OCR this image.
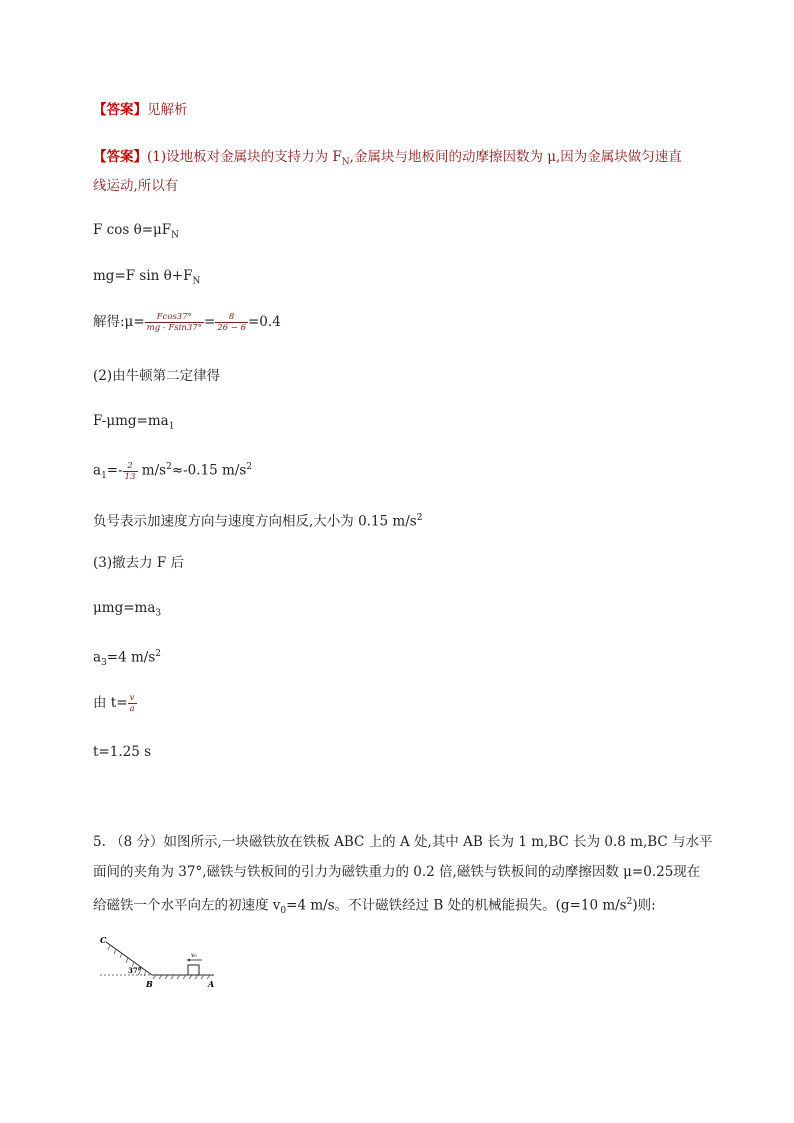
【答案】见解析
【答案】(1)设地板对金属块的支持力为 $F_N$,金属块与地板间的动摩擦因数为 μ,因为金属块做匀速直
线运动,所以有
F $\cos \theta=\mu F_N$
mg=F $\sin \theta+F_N$
解得:μ= $\frac{Fcos37^\circ}{mg - Fsin37^\circ} = \frac{8}{26 - 6} =0.4$
(2)由牛顿第二定律得
$F-\mu mg=ma_1$
$a_1=- \frac{2}{13} m/s^2\approx-0.15$ $m/s^2$
负号表示加速度方向与速度方向相反,大小为 0.15 $m/s^2$
(3)撤去力 F 后
$\mu mg=ma_3$
$a_3=4$ $m/s^2$
由 $t= \frac{v}{a}$
t=1.25 s
5. （8 分）如图所示,一块磁铁放在铁板 ABC 上的 A 处,其中 AB 长为 1 m,BC 长为 0.8 m,BC 与水平
面间的夹角为 37°,磁铁与铁板间的引力为磁铁重力的 0.2 倍,磁铁与铁板间的动摩擦因数 μ=0.25现在
给磁铁一个水平向左的初速度 $v_0=4$ m/s。不计磁铁经过 B 处的机械能损失。(g=10 $m/s^2$)则:
C
37°
B	A
v₀
